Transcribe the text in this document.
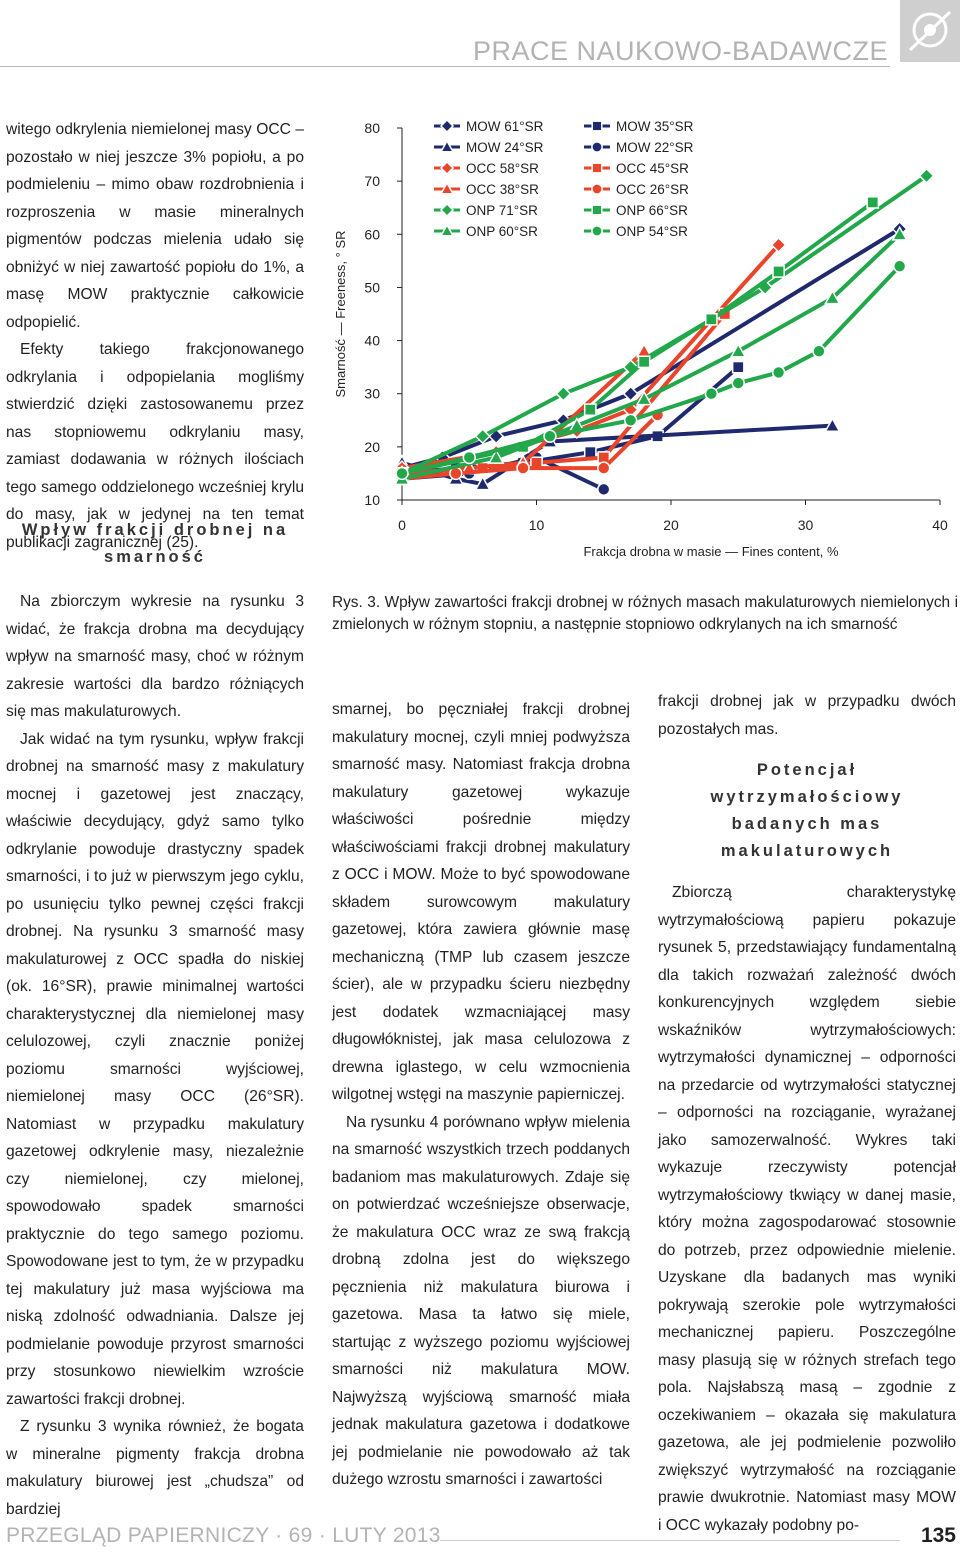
PRACE NAUKOWO-BADAWCZE

witego odkrylenia niemielonej masy OCC – pozostało w niej jeszcze 3% popiołu, a po podmieleniu – mimo obaw rozdrobnienia i rozproszenia w masie mineralnych pigmentów podczas mielenia udało się obniżyć w niej zawartość popiołu do 1%, a masę MOW praktycznie całkowicie odpopielić.

Efekty takiego frakcjonowanego odkrylania i odpopielania mogliśmy stwierdzić dzięki zastosowanemu przez nas stopniowemu odkrylaniu masy, zamiast dodawania w różnych ilościach tego samego oddzielonego wcześniej krylu do masy, jak w jedynej na ten temat publikacji zagranicznej (25).

Wpływ frakcji drobnej na smarność

Na zbiorczym wykresie na rysunku 3 widać, że frakcja drobna ma decydujący wpływ na smarność masy, choć w różnym zakresie wartości dla bardzo różniących się mas makulaturowych.

Jak widać na tym rysunku, wpływ frakcji drobnej na smarność masy z makulatury mocnej i gazetowej jest znaczący, właściwie decydujący, gdyż samo tylko odkrylanie powoduje drastyczny spadek smarności, i to już w pierwszym jego cyklu, po usunięciu tylko pewnej części frakcji drobnej. Na rysunku 3 smarność masy makulaturowej z OCC spadła do niskiej (ok. 16°SR), prawie minimalnej wartości charakterystycznej dla niemielonej masy celulozowej, czyli znacznie poniżej poziomu smarności wyjściowej, niemielonej masy OCC (26°SR). Natomiast w przypadku makulatury gazetowej odkrylenie masy, niezależnie czy niemielonej, czy mielonej, spowodowało spadek smarności praktycznie do tego samego poziomu. Spowodowane jest to tym, że w przypadku tej makulatury już masa wyjściowa ma niską zdolność odwadniania. Dalsze jej podmielanie powoduje przyrost smarności przy stosunkowo niewielkim wzroście zawartości frakcji drobnej.

Z rysunku 3 wynika również, że bogata w mineralne pigmenty frakcja drobna makulatury biurowej jest „chudsza” od bardziej

10
20
30
40
50
60
70
80
0	10	20	30	40
Frakcja drobna w masie — Fines content, %
Smarność — Freeness, ° SR
MOW 61°SR	MOW 35°SR
MOW 24°SR	MOW 22°SR
OCC 58°SR	OCC 45°SR
OCC 38°SR	OCC 26°SR
ONP 71°SR	ONP 66°SR
ONP 60°SR	ONP 54°SR
Rys. 3. Wpływ zawartości frakcji drobnej w różnych masach makulaturowych niemielonych i zmielonych w różnym stopniu, a następnie stopniowo odkrylanych na ich smarność

smarnej, bo pęczniałej frakcji drobnej makulatury mocnej, czyli mniej podwyższa smarność masy. Natomiast frakcja drobna makulatury gazetowej wykazuje właściwości pośrednie między właściwościami frakcji drobnej makulatury z OCC i MOW. Może to być spowodowane składem surowcowym makulatury gazetowej, która zawiera głównie masę mechaniczną (TMP lub czasem jeszcze ścier), ale w przypadku ścieru niezbędny jest dodatek wzmacniającej masy długowłóknistej, jak masa celulozowa z drewna iglastego, w celu wzmocnienia wilgotnej wstęgi na maszynie papierniczej.

Na rysunku 4 porównano wpływ mielenia na smarność wszystkich trzech poddanych badaniom mas makulaturowych. Zdaje się on potwierdzać wcześniejsze obserwacje, że makulatura OCC wraz ze swą frakcją drobną zdolna jest do większego pęcznienia niż makulatura biurowa i gazetowa. Masa ta łatwo się miele, startując z wyższego poziomu wyjściowej smarności niż makulatura MOW. Najwyższą wyjściową smarność miała jednak makulatura gazetowa i dodatkowe jej podmielanie nie powodowało aż tak dużego wzrostu smarności i zawartości

frakcji drobnej jak w przypadku dwóch pozostałych mas.

Potencjał wytrzymałościowy badanych mas makulaturowych

Zbiorczą charakterystykę wytrzymałościową papieru pokazuje rysunek 5, przedstawiający fundamentalną dla takich rozważań zależność dwóch konkurencyjnych względem siebie wskaźników wytrzymałościowych: wytrzymałości dynamicznej – odporności na przedarcie od wytrzymałości statycznej – odporności na rozciąganie, wyrażanej jako samozerwalność. Wykres taki wykazuje rzeczywisty potencjał wytrzymałościowy tkwiący w danej masie, który można zagospodarować stosownie do potrzeb, przez odpowiednie mielenie. Uzyskane dla badanych mas wyniki pokrywają szerokie pole wytrzymałości mechanicznej papieru. Poszczególne masy plasują się w różnych strefach tego pola. Najsłabszą masą – zgodnie z oczekiwaniem – okazała się makulatura gazetowa, ale jej podmielenie pozwoliło zwiększyć wytrzymałość na rozciąganie prawie dwukrotnie. Natomiast masy MOW i OCC wykazały podobny po-

PRZEGLĄD PAPIERNICZY · 69 · LUTY 2013	135
